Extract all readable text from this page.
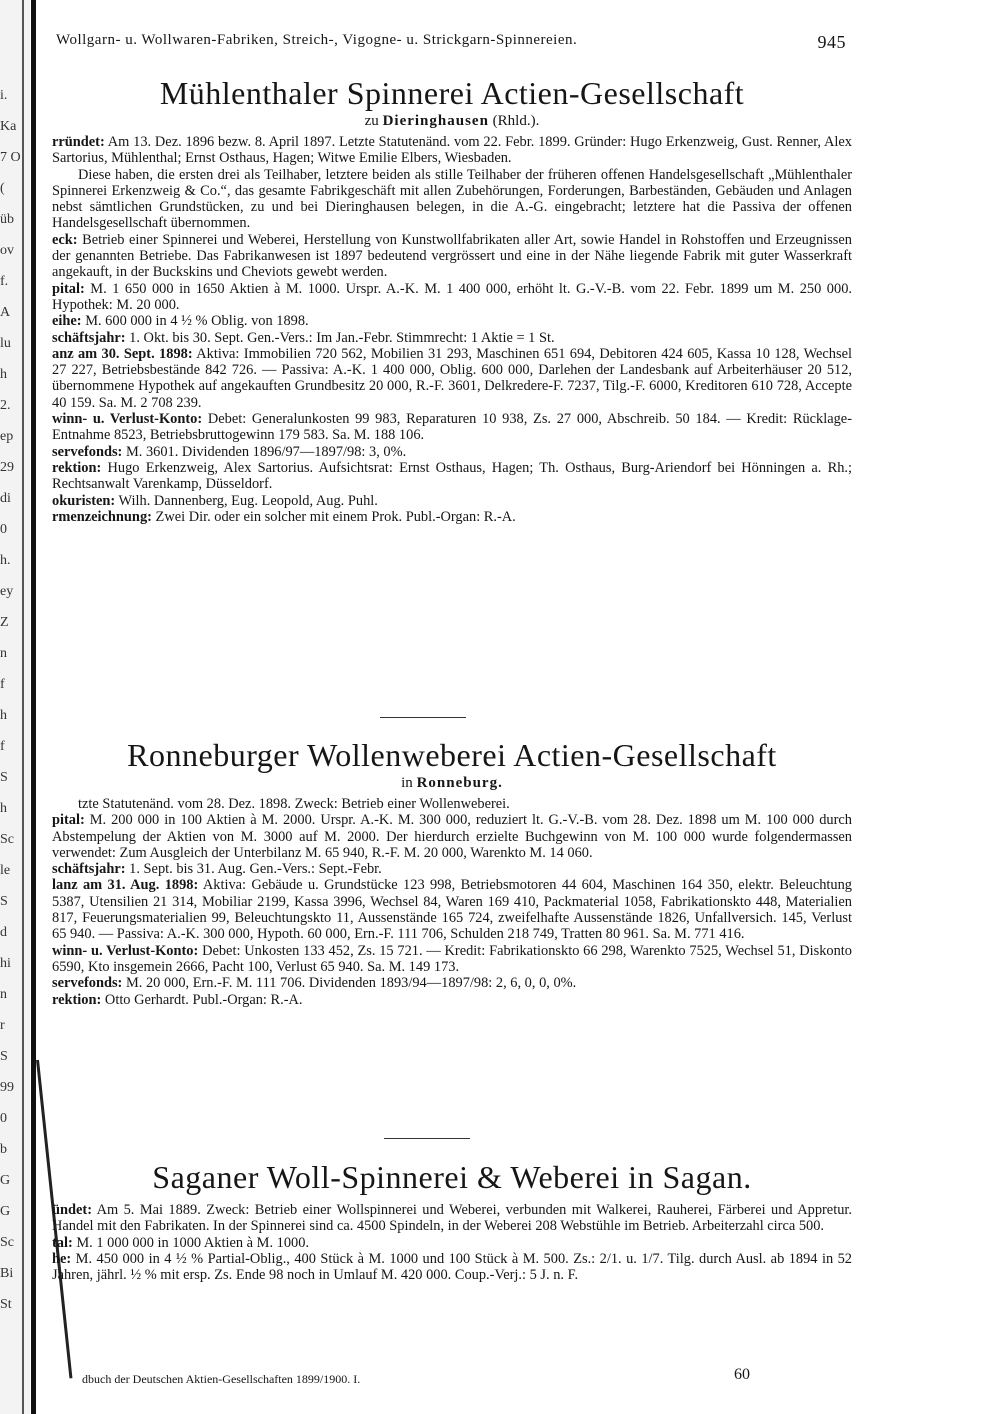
i.
Ka
7 O
(
üb
ov
f.
A
lu
h
2.
ep
29
di
0
h.
ey
Z
n
f
h
f
S
h
Sc
le
S
d
hi
n
r
S
99
0
b
G
G
Sc
Bi
St
Wollgarn- u. Wollwaren-Fabriken, Streich-, Vigogne- u. Strickgarn-Spinnereien.	945
Mühlenthaler Spinnerei Actien-Gesellschaft

zu Dieringhausen (Rhld.).

rründet: Am 13. Dez. 1896 bezw. 8. April 1897. Letzte Statutenänd. vom 22. Febr. 1899. Gründer: Hugo Erkenzweig, Gust. Renner, Alex Sartorius, Mühlenthal; Ernst Osthaus, Hagen; Witwe Emilie Elbers, Wiesbaden.

Diese haben, die ersten drei als Teilhaber, letztere beiden als stille Teilhaber der früheren offenen Handelsgesellschaft „Mühlenthaler Spinnerei Erkenzweig & Co.“, das gesamte Fabrikgeschäft mit allen Zubehörungen, Forderungen, Barbeständen, Gebäuden und Anlagen nebst sämtlichen Grundstücken, zu und bei Dieringhausen belegen, in die A.-G. eingebracht; letztere hat die Passiva der offenen Handelsgesellschaft übernommen.

eck: Betrieb einer Spinnerei und Weberei, Herstellung von Kunstwollfabrikaten aller Art, sowie Handel in Rohstoffen und Erzeugnissen der genannten Betriebe. Das Fabrikanwesen ist 1897 bedeutend vergrössert und eine in der Nähe liegende Fabrik mit guter Wasserkraft angekauft, in der Buckskins und Cheviots gewebt werden.

pital: M. 1 650 000 in 1650 Aktien à M. 1000. Urspr. A.-K. M. 1 400 000, erhöht lt. G.-V.-B. vom 22. Febr. 1899 um M. 250 000. Hypothek: M. 20 000.

eihe: M. 600 000 in 4 ½ % Oblig. von 1898.

schäftsjahr: 1. Okt. bis 30. Sept. Gen.-Vers.: Im Jan.-Febr. Stimmrecht: 1 Aktie = 1 St.

anz am 30. Sept. 1898: Aktiva: Immobilien 720 562, Mobilien 31 293, Maschinen 651 694, Debitoren 424 605, Kassa 10 128, Wechsel 27 227, Betriebsbestände 842 726. — Passiva: A.-K. 1 400 000, Oblig. 600 000, Darlehen der Landesbank auf Arbeiterhäuser 20 512, übernommene Hypothek auf angekauften Grundbesitz 20 000, R.-F. 3601, Delkredere-F. 7237, Tilg.-F. 6000, Kreditoren 610 728, Accepte 40 159. Sa. M. 2 708 239.

winn- u. Verlust-Konto: Debet: Generalunkosten 99 983, Reparaturen 10 938, Zs. 27 000, Abschreib. 50 184. — Kredit: Rücklage-Entnahme 8523, Betriebsbruttogewinn 179 583. Sa. M. 188 106.

servefonds: M. 3601. Dividenden 1896/97—1897/98: 3, 0%.

rektion: Hugo Erkenzweig, Alex Sartorius. Aufsichtsrat: Ernst Osthaus, Hagen; Th. Osthaus, Burg-Ariendorf bei Hönningen a. Rh.; Rechtsanwalt Varenkamp, Düsseldorf.

okuristen: Wilh. Dannenberg, Eug. Leopold, Aug. Puhl.

rmenzeichnung: Zwei Dir. oder ein solcher mit einem Prok. Publ.-Organ: R.-A.

Ronneburger Wollenweberei Actien-Gesellschaft

in Ronneburg.

tzte Statutenänd. vom 28. Dez. 1898. Zweck: Betrieb einer Wollenweberei.

pital: M. 200 000 in 100 Aktien à M. 2000. Urspr. A.-K. M. 300 000, reduziert lt. G.-V.-B. vom 28. Dez. 1898 um M. 100 000 durch Abstempelung der Aktien von M. 3000 auf M. 2000. Der hierdurch erzielte Buchgewinn von M. 100 000 wurde folgendermassen verwendet: Zum Ausgleich der Unterbilanz M. 65 940, R.-F. M. 20 000, Warenkto M. 14 060.

schäftsjahr: 1. Sept. bis 31. Aug. Gen.-Vers.: Sept.-Febr.

lanz am 31. Aug. 1898: Aktiva: Gebäude u. Grundstücke 123 998, Betriebsmotoren 44 604, Maschinen 164 350, elektr. Beleuchtung 5387, Utensilien 21 314, Mobiliar 2199, Kassa 3996, Wechsel 84, Waren 169 410, Packmaterial 1058, Fabrikationskto 448, Materialien 817, Feuerungsmaterialien 99, Beleuchtungskto 11, Aussenstände 165 724, zweifelhafte Aussenstände 1826, Unfallversich. 145, Verlust 65 940. — Passiva: A.-K. 300 000, Hypoth. 60 000, Ern.-F. 111 706, Schulden 218 749, Tratten 80 961. Sa. M. 771 416.

winn- u. Verlust-Konto: Debet: Unkosten 133 452, Zs. 15 721. — Kredit: Fabrikationskto 66 298, Warenkto 7525, Wechsel 51, Diskonto 6590, Kto insgemein 2666, Pacht 100, Verlust 65 940. Sa. M. 149 173.

servefonds: M. 20 000, Ern.-F. M. 111 706. Dividenden 1893/94—1897/98: 2, 6, 0, 0, 0%.

rektion: Otto Gerhardt. Publ.-Organ: R.-A.

Saganer Woll-Spinnerei & Weberei in Sagan.

ündet: Am 5. Mai 1889. Zweck: Betrieb einer Wollspinnerei und Weberei, verbunden mit Walkerei, Rauherei, Färberei und Appretur. Handel mit den Fabrikaten. In der Spinnerei sind ca. 4500 Spindeln, in der Weberei 208 Webstühle im Betrieb. Arbeiterzahl circa 500.

tal: M. 1 000 000 in 1000 Aktien à M. 1000.

he: M. 450 000 in 4 ½ % Partial-Oblig., 400 Stück à M. 1000 und 100 Stück à M. 500. Zs.: 2/1. u. 1/7. Tilg. durch Ausl. ab 1894 in 52 Jahren, jährl. ½ % mit ersp. Zs. Ende 98 noch in Umlauf M. 420 000. Coup.-Verj.: 5 J. n. F.

dbuch der Deutschen Aktien-Gesellschaften 1899/1900. I.	60
